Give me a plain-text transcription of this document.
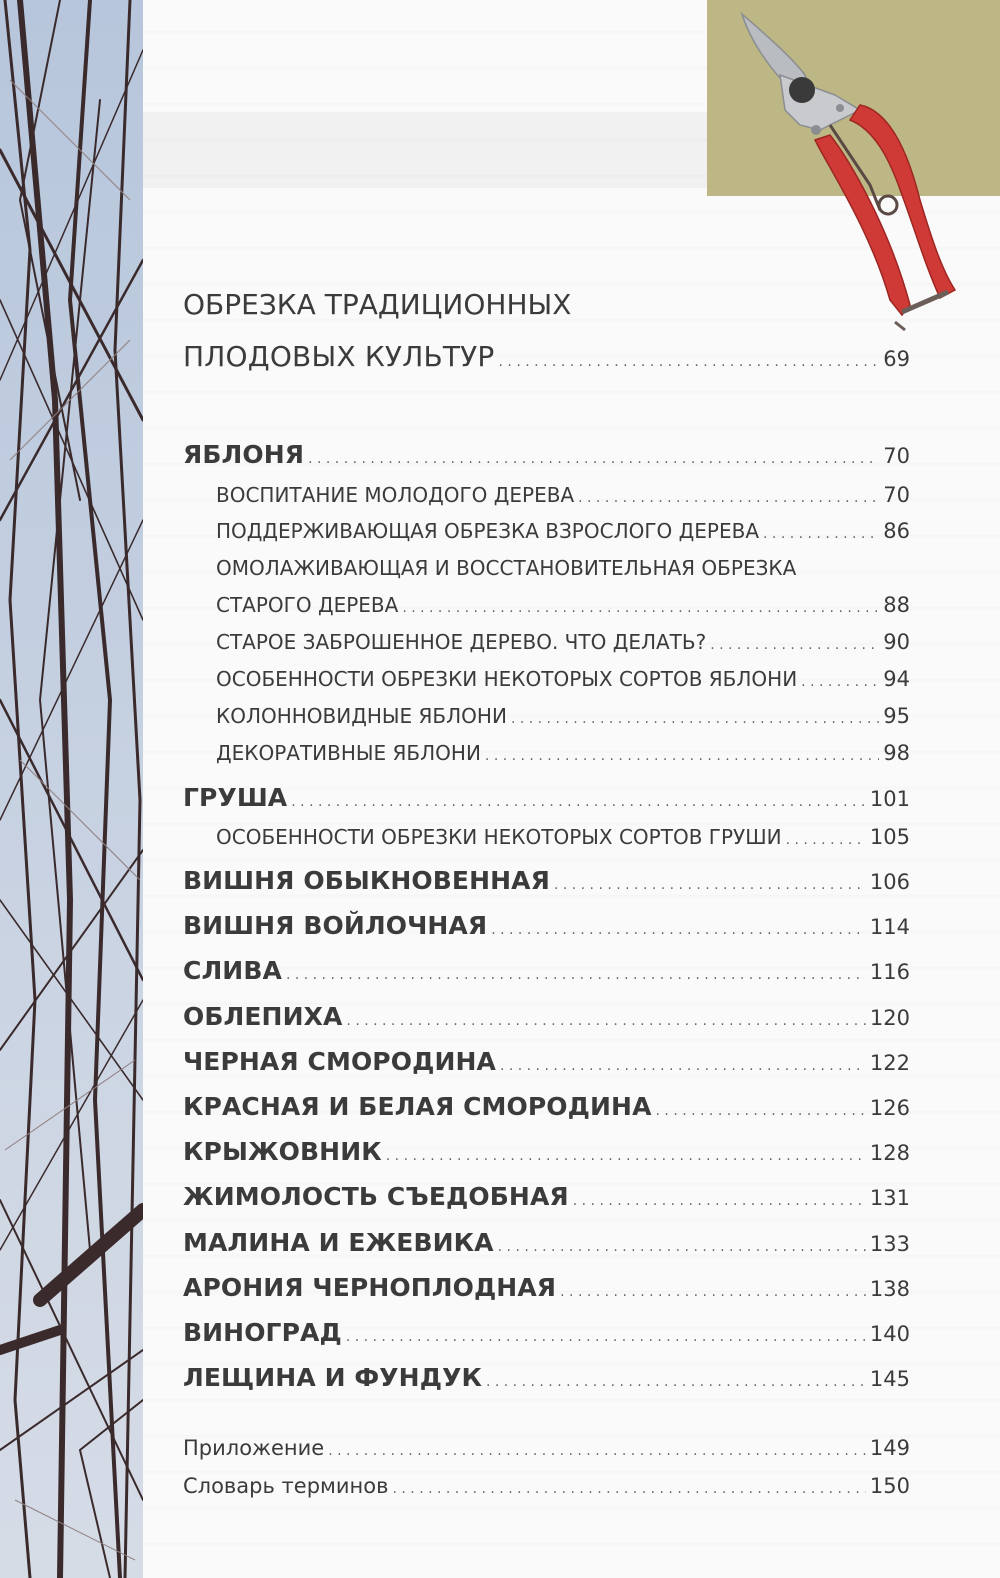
ОБРЕЗКА ТРАДИЦИОННЫХ
ПЛОДОВЫХ КУЛЬТУР . . .	69
ЯБЛОНЯ . . .	70
ВОСПИТАНИЕ МОЛОДОГО ДЕРЕВА . . .	70
ПОДДЕРЖИВАЮЩАЯ ОБРЕЗКА ВЗРОСЛОГО ДЕРЕВА . . .	86
ОМОЛАЖИВАЮЩАЯ И ВОССТАНОВИТЕЛЬНАЯ ОБРЕЗКА
СТАРОГО ДЕРЕВА . . .	88
СТАРОЕ ЗАБРОШЕННОЕ ДЕРЕВО. ЧТО ДЕЛАТЬ? . . .	90
ОСОБЕННОСТИ ОБРЕЗКИ НЕКОТОРЫХ СОРТОВ ЯБЛОНИ . . .	94
КОЛОННОВИДНЫЕ ЯБЛОНИ . . .	95
ДЕКОРАТИВНЫЕ ЯБЛОНИ . . .	98
ГРУША . . .	101
ОСОБЕННОСТИ ОБРЕЗКИ НЕКОТОРЫХ СОРТОВ ГРУШИ . . .	105
ВИШНЯ ОБЫКНОВЕННАЯ . . .	106
ВИШНЯ ВОЙЛОЧНАЯ . . .	114
СЛИВА . . .	116
ОБЛЕПИХА . . .	120
ЧЕРНАЯ СМОРОДИНА . . .	122
КРАСНАЯ И БЕЛАЯ СМОРОДИНА . . .	126
КРЫЖОВНИК . . .	128
ЖИМОЛОСТЬ СЪЕДОБНАЯ . . .	131
МАЛИНА И ЕЖЕВИКА . . .	133
АРОНИЯ ЧЕРНОПЛОДНАЯ . . .	138
ВИНОГРАД . . .	140
ЛЕЩИНА И ФУНДУК . . .	145
Приложение . . .	149
Словарь терминов . . .	150
